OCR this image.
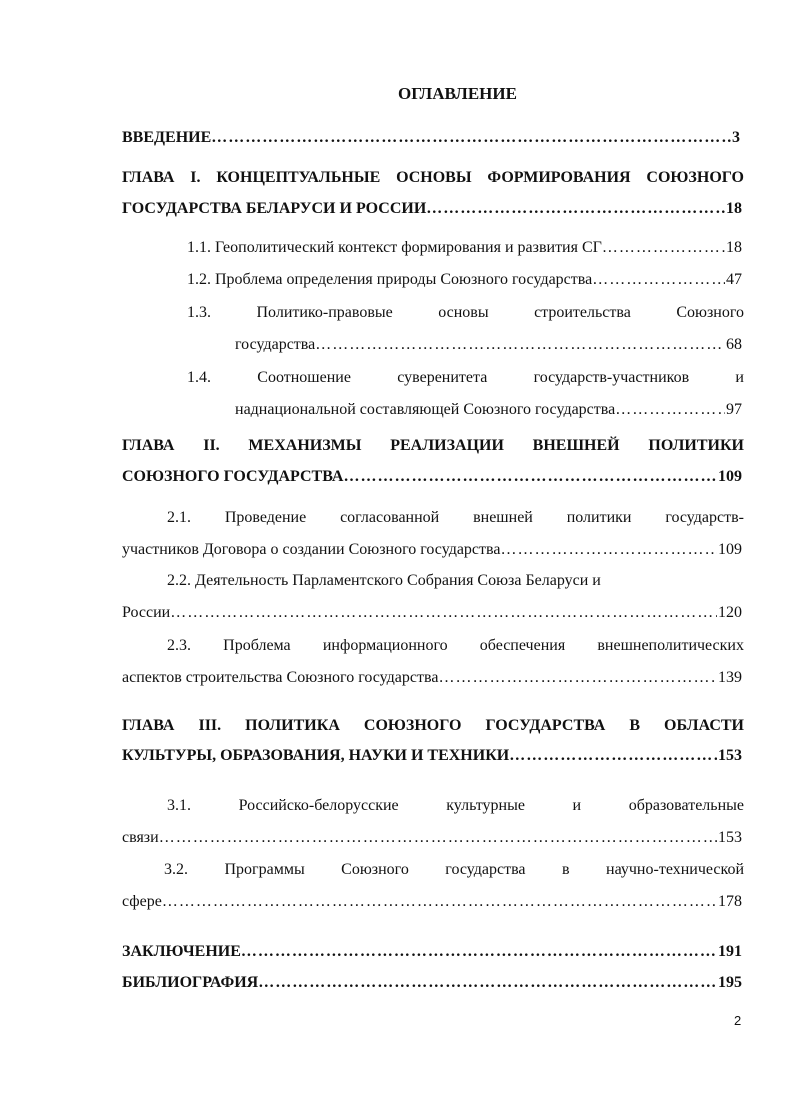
ОГЛАВЛЕНИЕ
ВВЕДЕНИЕ …………………………………………………………………………………………………………………………………………………………………………………………………………	3
ГЛАВА I. КОНЦЕПТУАЛЬНЫЕ ОСНОВЫ ФОРМИРОВАНИЯ СОЮЗНОГО
ГОСУДАРСТВА БЕЛАРУСИ И РОССИИ …………………………………………………………………………………………………………………………………………………………………………………………………………	18
1.1. Геополитический контекст формирования и развития СГ …………………………………………………………………………………………………………………………………………………………………………………………………………	18
1.2. Проблема определения природы Союзного государства …………………………………………………………………………………………………………………………………………………………………………………………………………	47
1.3. Политико-правовые основы строительства Союзного
государства …………………………………………………………………………………………………………………………………………………………………………………………………………	68
1.4. Соотношение суверенитета государств-участников и
наднациональной составляющей Союзного государства …………………………………………………………………………………………………………………………………………………………………………………………………………	97
ГЛАВА II. МЕХАНИЗМЫ РЕАЛИЗАЦИИ ВНЕШНЕЙ ПОЛИТИКИ
СОЮЗНОГО ГОСУДАРСТВА …………………………………………………………………………………………………………………………………………………………………………………………………………	109
2.1. Проведение согласованной внешней политики государств-
участников Договора о создании Союзного государства …………………………………………………………………………………………………………………………………………………………………………………………………………	109
2.2. Деятельность Парламентского Собрания Союза Беларуси и
России …………………………………………………………………………………………………………………………………………………………………………………………………………	120
2.3. Проблема информационного обеспечения внешнеполитических
аспектов строительства Союзного государства …………………………………………………………………………………………………………………………………………………………………………………………………………	139
ГЛАВА III. ПОЛИТИКА СОЮЗНОГО ГОСУДАРСТВА В ОБЛАСТИ
КУЛЬТУРЫ, ОБРАЗОВАНИЯ, НАУКИ И ТЕХНИКИ …………………………………………………………………………………………………………………………………………………………………………………………………………	153
3.1. Российско-белорусские культурные и образовательные
связи …………………………………………………………………………………………………………………………………………………………………………………………………………	153
3.2. Программы Союзного государства в научно-технической
сфере …………………………………………………………………………………………………………………………………………………………………………………………………………	178
ЗАКЛЮЧЕНИЕ …………………………………………………………………………………………………………………………………………………………………………………………………………	191
БИБЛИОГРАФИЯ …………………………………………………………………………………………………………………………………………………………………………………………………………	195
2
